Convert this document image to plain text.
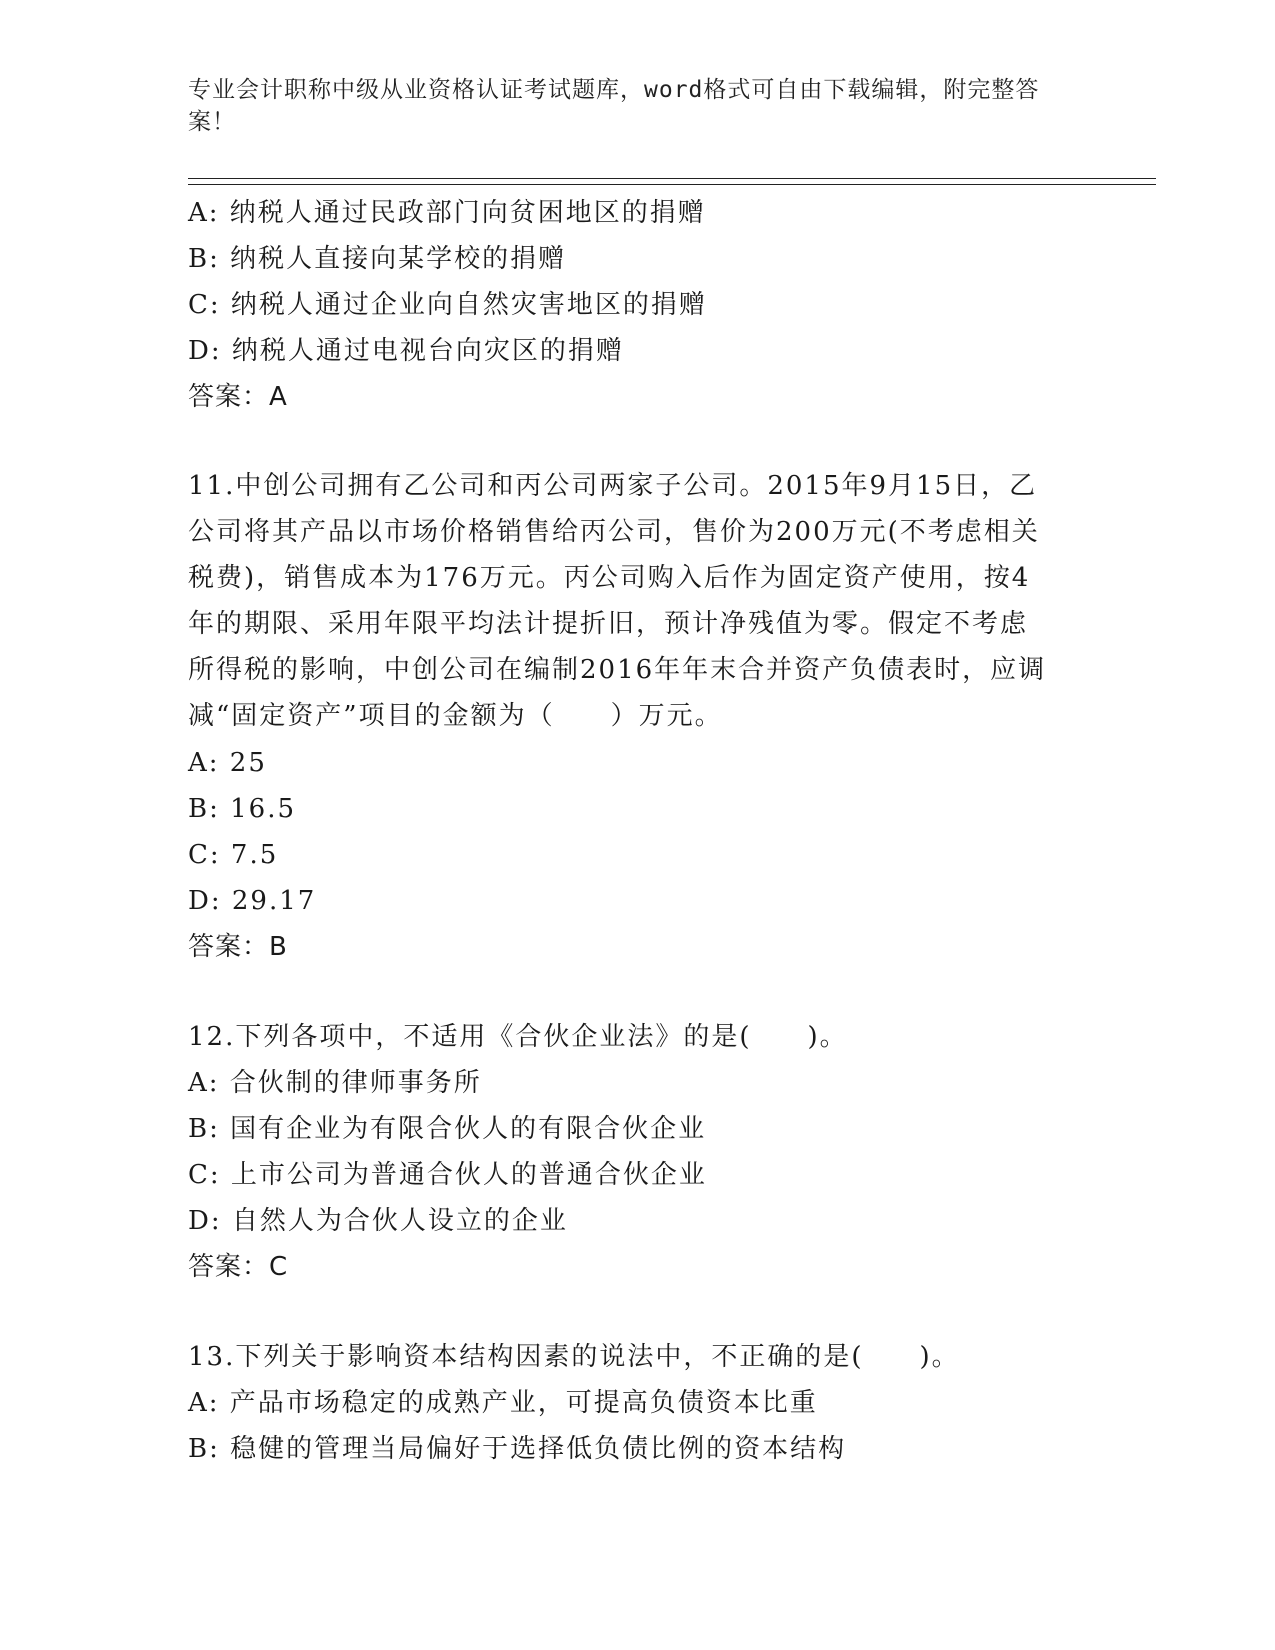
专业会计职称中级从业资格认证考试题库，word格式可自由下载编辑，附完整答
案！
A: 纳税人通过民政部门向贫困地区的捐赠
B: 纳税人直接向某学校的捐赠
C: 纳税人通过企业向自然灾害地区的捐赠
D: 纳税人通过电视台向灾区的捐赠
答案：A
11.中创公司拥有乙公司和丙公司两家子公司。2015年9月15日，乙
公司将其产品以市场价格销售给丙公司，售价为200万元(不考虑相关
税费)，销售成本为176万元。丙公司购入后作为固定资产使用，按4
年的期限、采用年限平均法计提折旧，预计净残值为零。假定不考虑
所得税的影响，中创公司在编制2016年年末合并资产负债表时，应调
减“固定资产”项目的金额为（　　）万元。
A: 25
B: 16.5
C: 7.5
D: 29.17
答案：B
12.下列各项中，不适用《合伙企业法》的是(　　)。
A: 合伙制的律师事务所
B: 国有企业为有限合伙人的有限合伙企业
C: 上市公司为普通合伙人的普通合伙企业
D: 自然人为合伙人设立的企业
答案：C
13.下列关于影响资本结构因素的说法中，不正确的是(　　)。
A: 产品市场稳定的成熟产业，可提高负债资本比重
B: 稳健的管理当局偏好于选择低负债比例的资本结构
